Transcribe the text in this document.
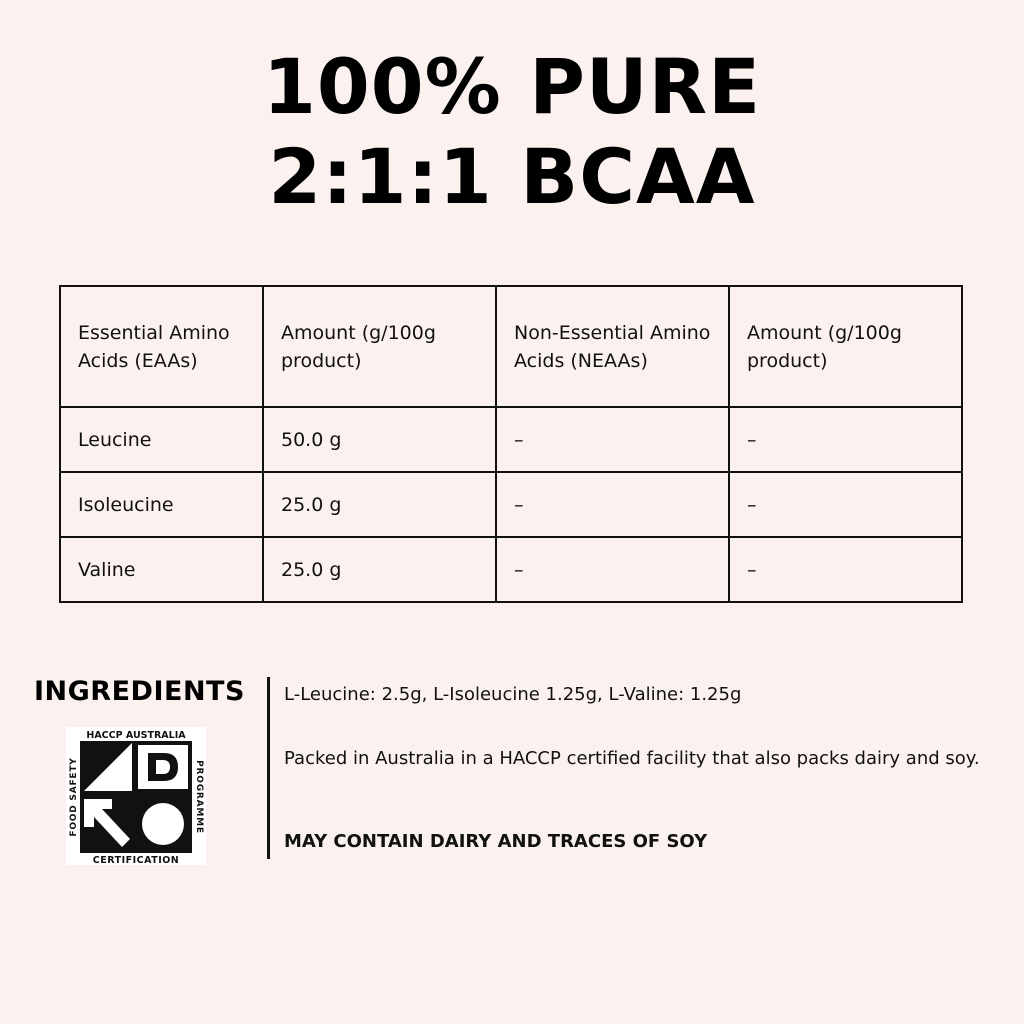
100% PURE
2:1:1 BCAA
Essential Amino Acids (EAAs)	Amount (g/100g product)	Non-Essential Amino Acids (NEAAs)	Amount (g/100g product)
Leucine	50.0 g	–	–
Isoleucine	25.0 g	–	–
Valine	25.0 g	–	–
INGREDIENTS L-Leucine: 2.5g, L-Isoleucine 1.25g, L-Valine: 1.25g
Packed in Australia in a HACCP certified facility that also packs dairy and soy.
MAY CONTAIN DAIRY AND TRACES OF SOY
HACCP AUSTRALIA
CERTIFICATION
FOOD SAFETY	PROGRAMME
